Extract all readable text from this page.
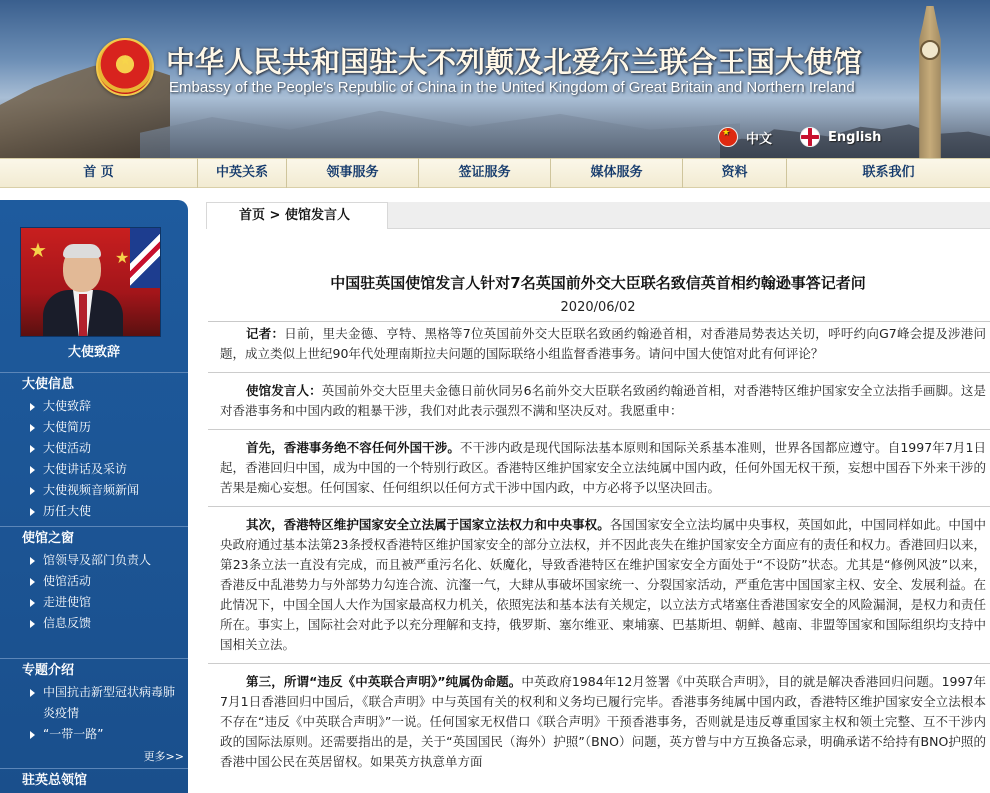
★ 中华人民共和国驻大不列颠及北爱尔兰联合王国大使馆
Embassy of the People's Republic of China in the United Kingdom of Great Britain and Northern Ireland
★
中文	English
首 页	中英关系	领事服务	签证服务	媒体服务	资料	联系我们
★	★
大使致辞
大使信息
大使致辞
大使简历
大使活动
大使讲话及采访
大使视频音频新闻
历任大使
使馆之窗
馆领导及部门负责人
使馆活动
走进使馆
信息反馈
专题介绍
中国抗击新型冠状病毒肺炎疫情
“一带一路”
更多>>
驻英总领馆
首页 > 使馆发言人
中国驻英国使馆发言人针对7名英国前外交大臣联名致信英首相约翰逊事答记者问
2020/06/02

记者：日前，里夫金德、亨特、黑格等7位英国前外交大臣联名致函约翰逊首相，对香港局势表达关切，呼吁约向G7峰会提及涉港问题，成立类似上世纪90年代处理南斯拉夫问题的国际联络小组监督香港事务。请问中国大使馆对此有何评论？

使馆发言人：英国前外交大臣里夫金德日前伙同另6名前外交大臣联名致函约翰逊首相，对香港特区维护国家安全立法指手画脚。这是对香港事务和中国内政的粗暴干涉，我们对此表示强烈不满和坚决反对。我愿重申：

首先，香港事务绝不容任何外国干涉。不干涉内政是现代国际法基本原则和国际关系基本准则，世界各国都应遵守。自1997年7月1日起，香港回归中国，成为中国的一个特别行政区。香港特区维护国家安全立法纯属中国内政，任何外国无权干预，妄想中国吞下外来干涉的苦果是痴心妄想。任何国家、任何组织以任何方式干涉中国内政，中方必将予以坚决回击。

其次，香港特区维护国家安全立法属于国家立法权力和中央事权。各国国家安全立法均属中央事权，英国如此，中国同样如此。中国中央政府通过基本法第23条授权香港特区维护国家安全的部分立法权，并不因此丧失在维护国家安全方面应有的责任和权力。香港回归以来，第23条立法一直没有完成，而且被严重污名化、妖魔化，导致香港特区在维护国家安全方面处于“不设防”状态。尤其是“修例风波”以来，香港反中乱港势力与外部势力勾连合流、沆瀣一气，大肆从事破坏国家统一、分裂国家活动，严重危害中国国家主权、安全、发展利益。在此情况下，中国全国人大作为国家最高权力机关，依照宪法和基本法有关规定，以立法方式堵塞住香港国家安全的风险漏洞，是权力和责任所在。事实上，国际社会对此予以充分理解和支持，俄罗斯、塞尔维亚、柬埔寨、巴基斯坦、朝鲜、越南、非盟等国家和国际组织均支持中国相关立法。

第三，所谓“违反《中英联合声明》”纯属伪命题。中英政府1984年12月签署《中英联合声明》，目的就是解决香港回归问题。1997年7月1日香港回归中国后，《联合声明》中与英国有关的权利和义务均已履行完毕。香港事务纯属中国内政，香港特区维护国家安全立法根本不存在“违反《中英联合声明》”一说。任何国家无权借口《联合声明》干预香港事务，否则就是违反尊重国家主权和领土完整、互不干涉内政的国际法原则。还需要指出的是，关于“英国国民（海外）护照”（BNO）问题，英方曾与中方互换备忘录，明确承诺不给持有BNO护照的香港中国公民在英居留权。如果英方执意单方面
